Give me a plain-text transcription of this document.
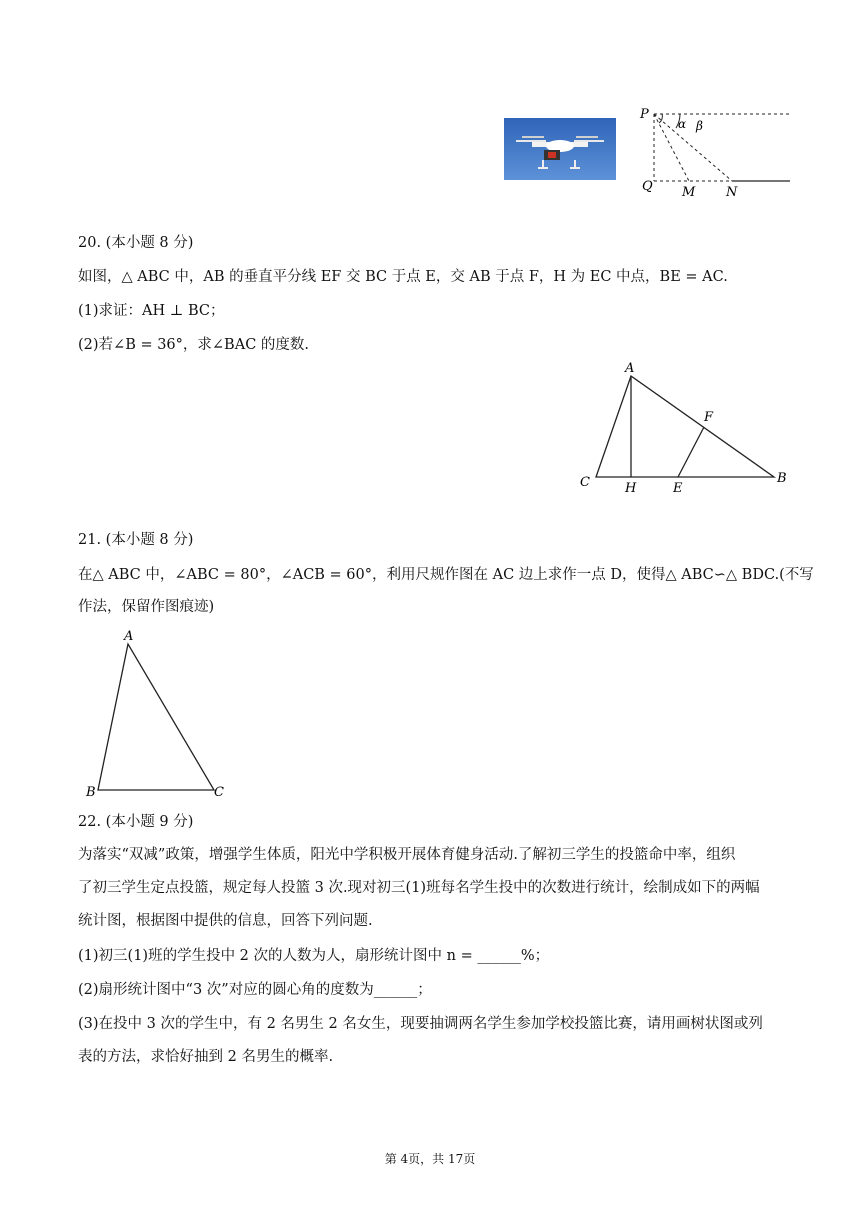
P
Q M N
α β
20. (本小题 8 分)
如图，△ ABC 中，AB 的垂直平分线 EF 交 BC 于点 E，交 AB 于点 F，H 为 EC 中点，BE = AC.
(1)求证：AH ⊥ BC；
(2)若∠B = 36°，求∠BAC 的度数.
A
F
C	H	E
B
21. (本小题 8 分)
在△ ABC 中，∠ABC = 80°，∠ACB = 60°，利用尺规作图在 AC 边上求作一点 D，使得△ ABC∽△ BDC.(不写
作法，保留作图痕迹)
A
B	C
22. (本小题 9 分)
为落实“双减”政策，增强学生体质，阳光中学积极开展体育健身活动.了解初三学生的投篮命中率，组织
了初三学生定点投篮，规定每人投篮 3 次.现对初三(1)班每名学生投中的次数进行统计，绘制成如下的两幅
统计图，根据图中提供的信息，回答下列问题.
(1)初三(1)班的学生投中 2 次的人数为人，扇形统计图中 n = ______%；
(2)扇形统计图中“3 次”对应的圆心角的度数为______；
(3)在投中 3 次的学生中，有 2 名男生 2 名女生，现要抽调两名学生参加学校投篮比赛，请用画树状图或列
表的方法，求恰好抽到 2 名男生的概率.
第 4页，共 17页
